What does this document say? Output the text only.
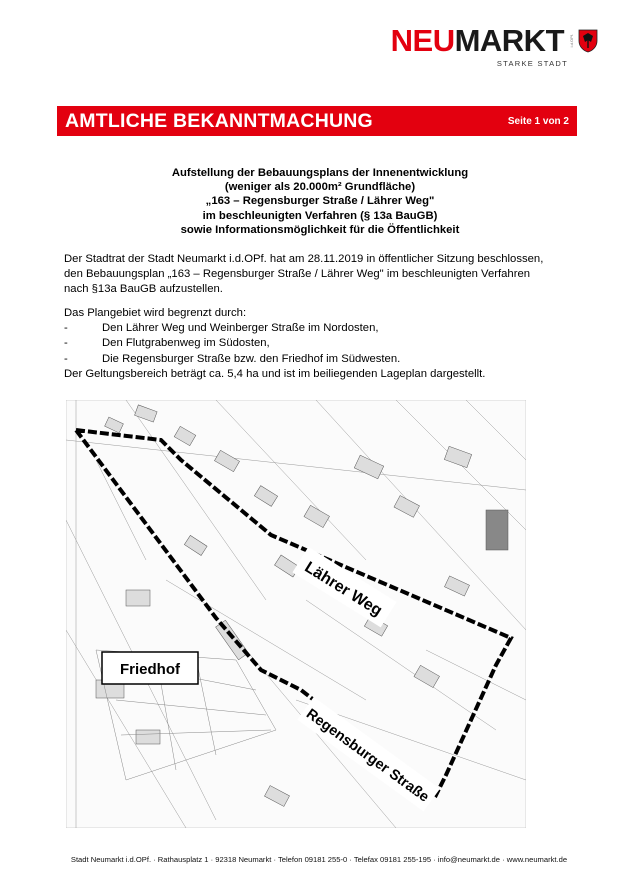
NEUMARKT i.d.OPf.
STARKE STADT
AMTLICHE BEKANNTMACHUNG	Seite 1 von 2
Aufstellung der Bebauungsplans der Innenentwicklung
(weniger als 20.000m² Grundfläche)
„163 – Regensburger Straße / Lährer Weg"
im beschleunigten Verfahren (§ 13a BauGB)
sowie Informationsmöglichkeit für die Öffentlichkeit
Der Stadtrat der Stadt Neumarkt i.d.OPf. hat am 28.11.2019 in öffentlicher Sitzung beschlossen,
den Bebauungsplan „163 – Regensburger Straße / Lährer Weg" im beschleunigten Verfahren
nach §13a BauGB aufzustellen.
Das Plangebiet wird begrenzt durch:
-	Den Lährer Weg und Weinberger Straße im Nordosten,
-	Den Flutgrabenweg im Südosten,
-	Die Regensburger Straße bzw. den Friedhof im Südwesten.
Der Geltungsbereich beträgt ca. 5,4 ha und ist im beiliegenden Lageplan dargestellt.
Friedhof
Lährer Weg
Regensburger Straße
Stadt Neumarkt i.d.OPf. · Rathausplatz 1 · 92318 Neumarkt · Telefon 09181 255-0 · Telefax 09181 255-195 · info@neumarkt.de · www.neumarkt.de
